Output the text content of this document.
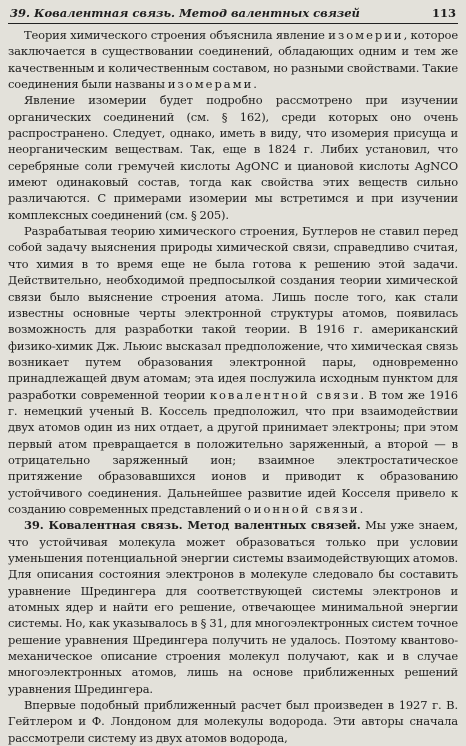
39. Ковалентная связь. Метод валентных связей	113

Теория химического строения объяснила явление изомерии, которое заключается в существовании соединений, обладающих одним и тем же качественным и количественным составом, но разными свойствами. Такие соединения были названы изомерами.

Явление изомерии будет подробно рассмотрено при изучении органических соединений (см. § 162), среди которых оно очень распространено. Следует, однако, иметь в виду, что изомерия присуща и неорганическим веществам. Так, еще в 1824 г. Либих установил, что серебряные соли гремучей кислоты AgONC и циановой кислоты AgNCO имеют одинаковый состав, тогда как свойства этих веществ сильно различаются. С примерами изомерии мы встретимся и при изучении комплексных соединений (см. § 205).

Разрабатывая теорию химического строения, Бутлеров не ставил перед собой задачу выяснения природы химической связи, справедливо считая, что химия в то время еще не была готова к решению этой задачи. Действительно, необходимой предпосылкой создания теории химической связи было выяснение строения атома. Лишь после того, как стали известны основные черты электронной структуры атомов, появилась возможность для разработки такой теории. В 1916 г. американский физико-химик Дж. Льюис высказал предположение, что химическая связь возникает путем образования электронной пары, одновременно принадлежащей двум атомам; эта идея послужила исходным пунктом для разработки современной теории ковалентной связи. В том же 1916 г. немецкий ученый В. Коссель предположил, что при взаимодействии двух атомов один из них отдает, а другой принимает электроны; при этом первый атом превращается в положительно заряженный, а второй — в отрицательно заряженный ион; взаимное электростатическое притяжение образовавшихся ионов и приводит к образованию устойчивого соединения. Дальнейшее развитие идей Косселя привело к созданию современных представлений о ионной связи.

39. Ковалентная связь. Метод валентных связей. Мы уже знаем, что устойчивая молекула может образоваться только при условии уменьшения потенциальной энергии системы взаимодействующих атомов. Для описания состояния электронов в молекуле следовало бы составить уравнение Шредингера для соответствующей системы электронов и атомных ядер и найти его решение, отвечающее минимальной энергии системы. Но, как указывалось в § 31, для многоэлектронных систем точное решение уравнения Шредингера получить не удалось. Поэтому квантово-механическое описание строения молекул получают, как и в случае многоэлектронных атомов, лишь на основе приближенных решений уравнения Шредингера.

Впервые подобный приближенный расчет был произведен в 1927 г. В. Гейтлером и Ф. Лондоном для молекулы водорода. Эти авторы сначала рассмотрели систему из двух атомов водорода,
